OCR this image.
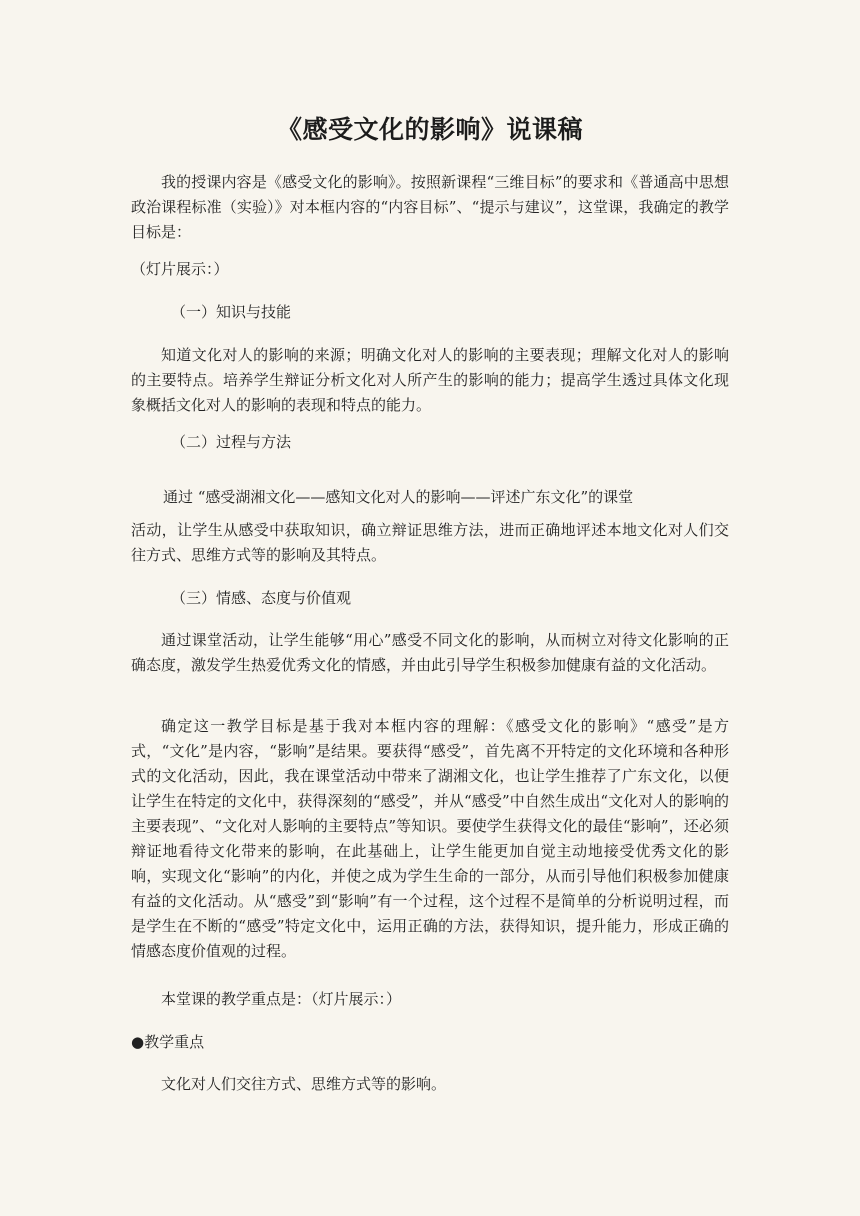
《感受文化的影响》说课稿

我的授课内容是《感受文化的影响》。按照新课程“三维目标”的要求和《普通高中思想政治课程标准（实验）》对本框内容的“内容目标”、“提示与建议”，这堂课，我确定的教学目标是：

（灯片展示：）

（一）知识与技能

知道文化对人的影响的来源；明确文化对人的影响的主要表现；理解文化对人的影响的主要特点。培养学生辩证分析文化对人所产生的影响的能力；提高学生透过具体文化现象概括文化对人的影响的表现和特点的能力。

（二）过程与方法

通过 “感受湖湘文化——感知文化对人的影响——评述广东文化”的课堂

活动，让学生从感受中获取知识，确立辩证思维方法，进而正确地评述本地文化对人们交往方式、思维方式等的影响及其特点。

（三）情感、态度与价值观

通过课堂活动，让学生能够“用心”感受不同文化的影响，从而树立对待文化影响的正确态度，激发学生热爱优秀文化的情感，并由此引导学生积极参加健康有益的文化活动。

确定这一教学目标是基于我对本框内容的理解：《感受文化的影响》“感受”是方式，“文化”是内容，“影响”是结果。要获得“感受”，首先离不开特定的文化环境和各种形式的文化活动，因此，我在课堂活动中带来了湖湘文化，也让学生推荐了广东文化，以便让学生在特定的文化中，获得深刻的“感受”，并从“感受”中自然生成出“文化对人的影响的主要表现”、“文化对人影响的主要特点”等知识。要使学生获得文化的最佳“影响”，还必须辩证地看待文化带来的影响，在此基础上，让学生能更加自觉主动地接受优秀文化的影响，实现文化“影响”的内化，并使之成为学生生命的一部分，从而引导他们积极参加健康有益的文化活动。从“感受”到“影响”有一个过程，这个过程不是简单的分析说明过程，而是学生在不断的“感受”特定文化中，运用正确的方法，获得知识，提升能力，形成正确的情感态度价值观的过程。

本堂课的教学重点是：（灯片展示：）

●教学重点

文化对人们交往方式、思维方式等的影响。
